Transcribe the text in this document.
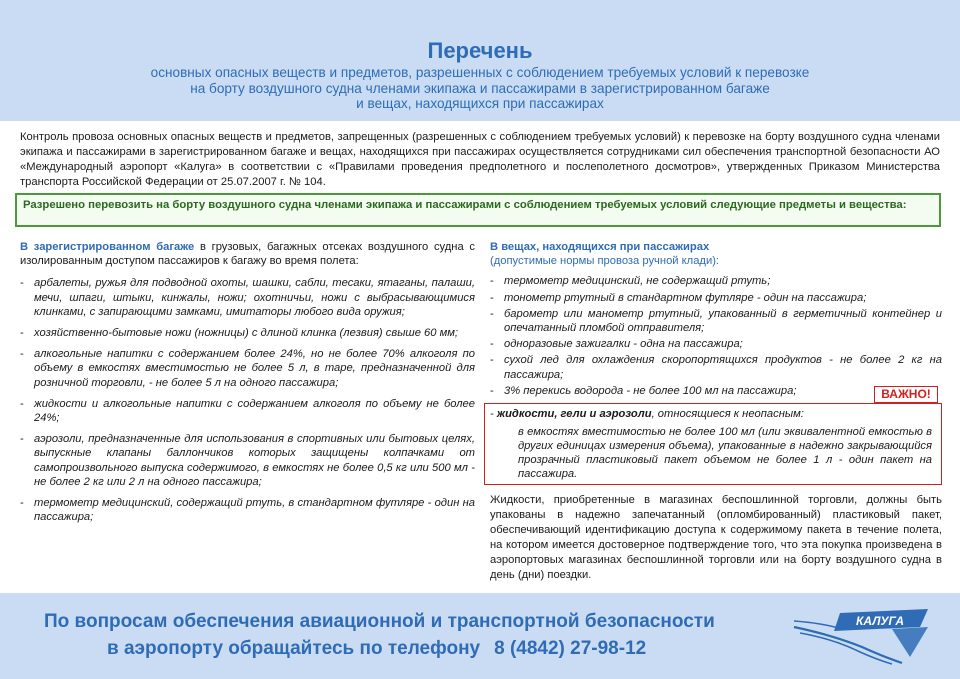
Перечень
основных опасных веществ и предметов, разрешенных с соблюдением требуемых условий к перевозке
на борту воздушного судна членами экипажа и пассажирами в зарегистрированном багаже
и вещах, находящихся при пассажирах
Контроль провоза основных опасных веществ и предметов, запрещенных (разрешенных с соблюдением требуемых условий) к перевозке на борту воздушного судна членами экипажа и пассажирами в зарегистрированном багаже и вещах, находящихся при пассажирах осуществляется сотрудниками сил обеспечения транспортной безопасности АО «Международный аэропорт «Калуга» в соответствии с «Правилами проведения предполетного и послеполетного досмотров», утвержденных Приказом Министерства транспорта Российской Федерации от 25.07.2007 г. № 104.
Разрешено перевозить на борту воздушного судна членами экипажа и пассажирами с соблюдением требуемых условий следующие предметы и вещества:
В зарегистрированном багаже в грузовых, багажных отсеках воздушного судна с изолированным доступом пассажиров к багажу во время полета:
- арбалеты, ружья для подводной охоты, шашки, сабли, тесаки, ятаганы, палаши, мечи, шпаги, штыки, кинжалы, ножи; охотничьи, ножи с выбрасывающимися клинками, с запирающими замками, имитаторы любого вида оружия;
- хозяйственно-бытовые ножи (ножницы) с длиной клинка (лезвия) свыше 60 мм;
- алкогольные напитки с содержанием более 24%, но не более 70% алкоголя по объему в емкостях вместимостью не более 5 л, в таре, предназначенной для розничной торговли, - не более 5 л на одного пассажира;
- жидкости и алкогольные напитки с содержанием алкоголя по объему не более 24%;
- аэрозоли, предназначенные для использования в спортивных или бытовых целях, выпускные клапаны баллончиков которых защищены колпачками от самопроизвольного выпуска содержимого, в емкостях не более 0,5 кг или 500 мл - не более 2 кг или 2 л на одного пассажира;
- термометр медицинский, содержащий ртуть, в стандартном футляре - один на пассажира;
В вещах, находящихся при пассажирах
(допустимые нормы провоза ручной клади):
- термометр медицинский, не содержащий ртуть;
- тонометр ртутный в стандартном футляре - один на пассажира;
- барометр или манометр ртутный, упакованный в герметичный контейнер и опечатанный пломбой отправителя;
- одноразовые зажигалки - одна на пассажира;
- сухой лед для охлаждения скоропортящихся продуктов - не более 2 кг на пассажира;
- 3% перекись водорода - не более 100 мл на пассажира;	ВАЖНО!
- жидкости, гели и аэрозоли, относящиеся к неопасным:
в емкостях вместимостью не более 100 мл (или эквивалентной емкостью в других единицах измерения объема), упакованные в надежно закрывающийся прозрачный пластиковый пакет объемом не более 1 л - один пакет на пассажира.
Жидкости, приобретенные в магазинах беспошлинной торговли, должны быть упакованы в надежно запечатанный (опломбированный) пластиковый пакет, обеспечивающий идентификацию доступа к содержимому пакета в течение полета, на котором имеется достоверное подтверждение того, что эта покупка произведена в аэропортовых магазинах беспошлинной торговли или на борту воздушного судна в день (дни) поездки.
По вопросам обеспечения авиационной и транспортной безопасности
в аэропорту обращайтесь по телефону 8 (4842) 27-98-12
КАЛУГА
